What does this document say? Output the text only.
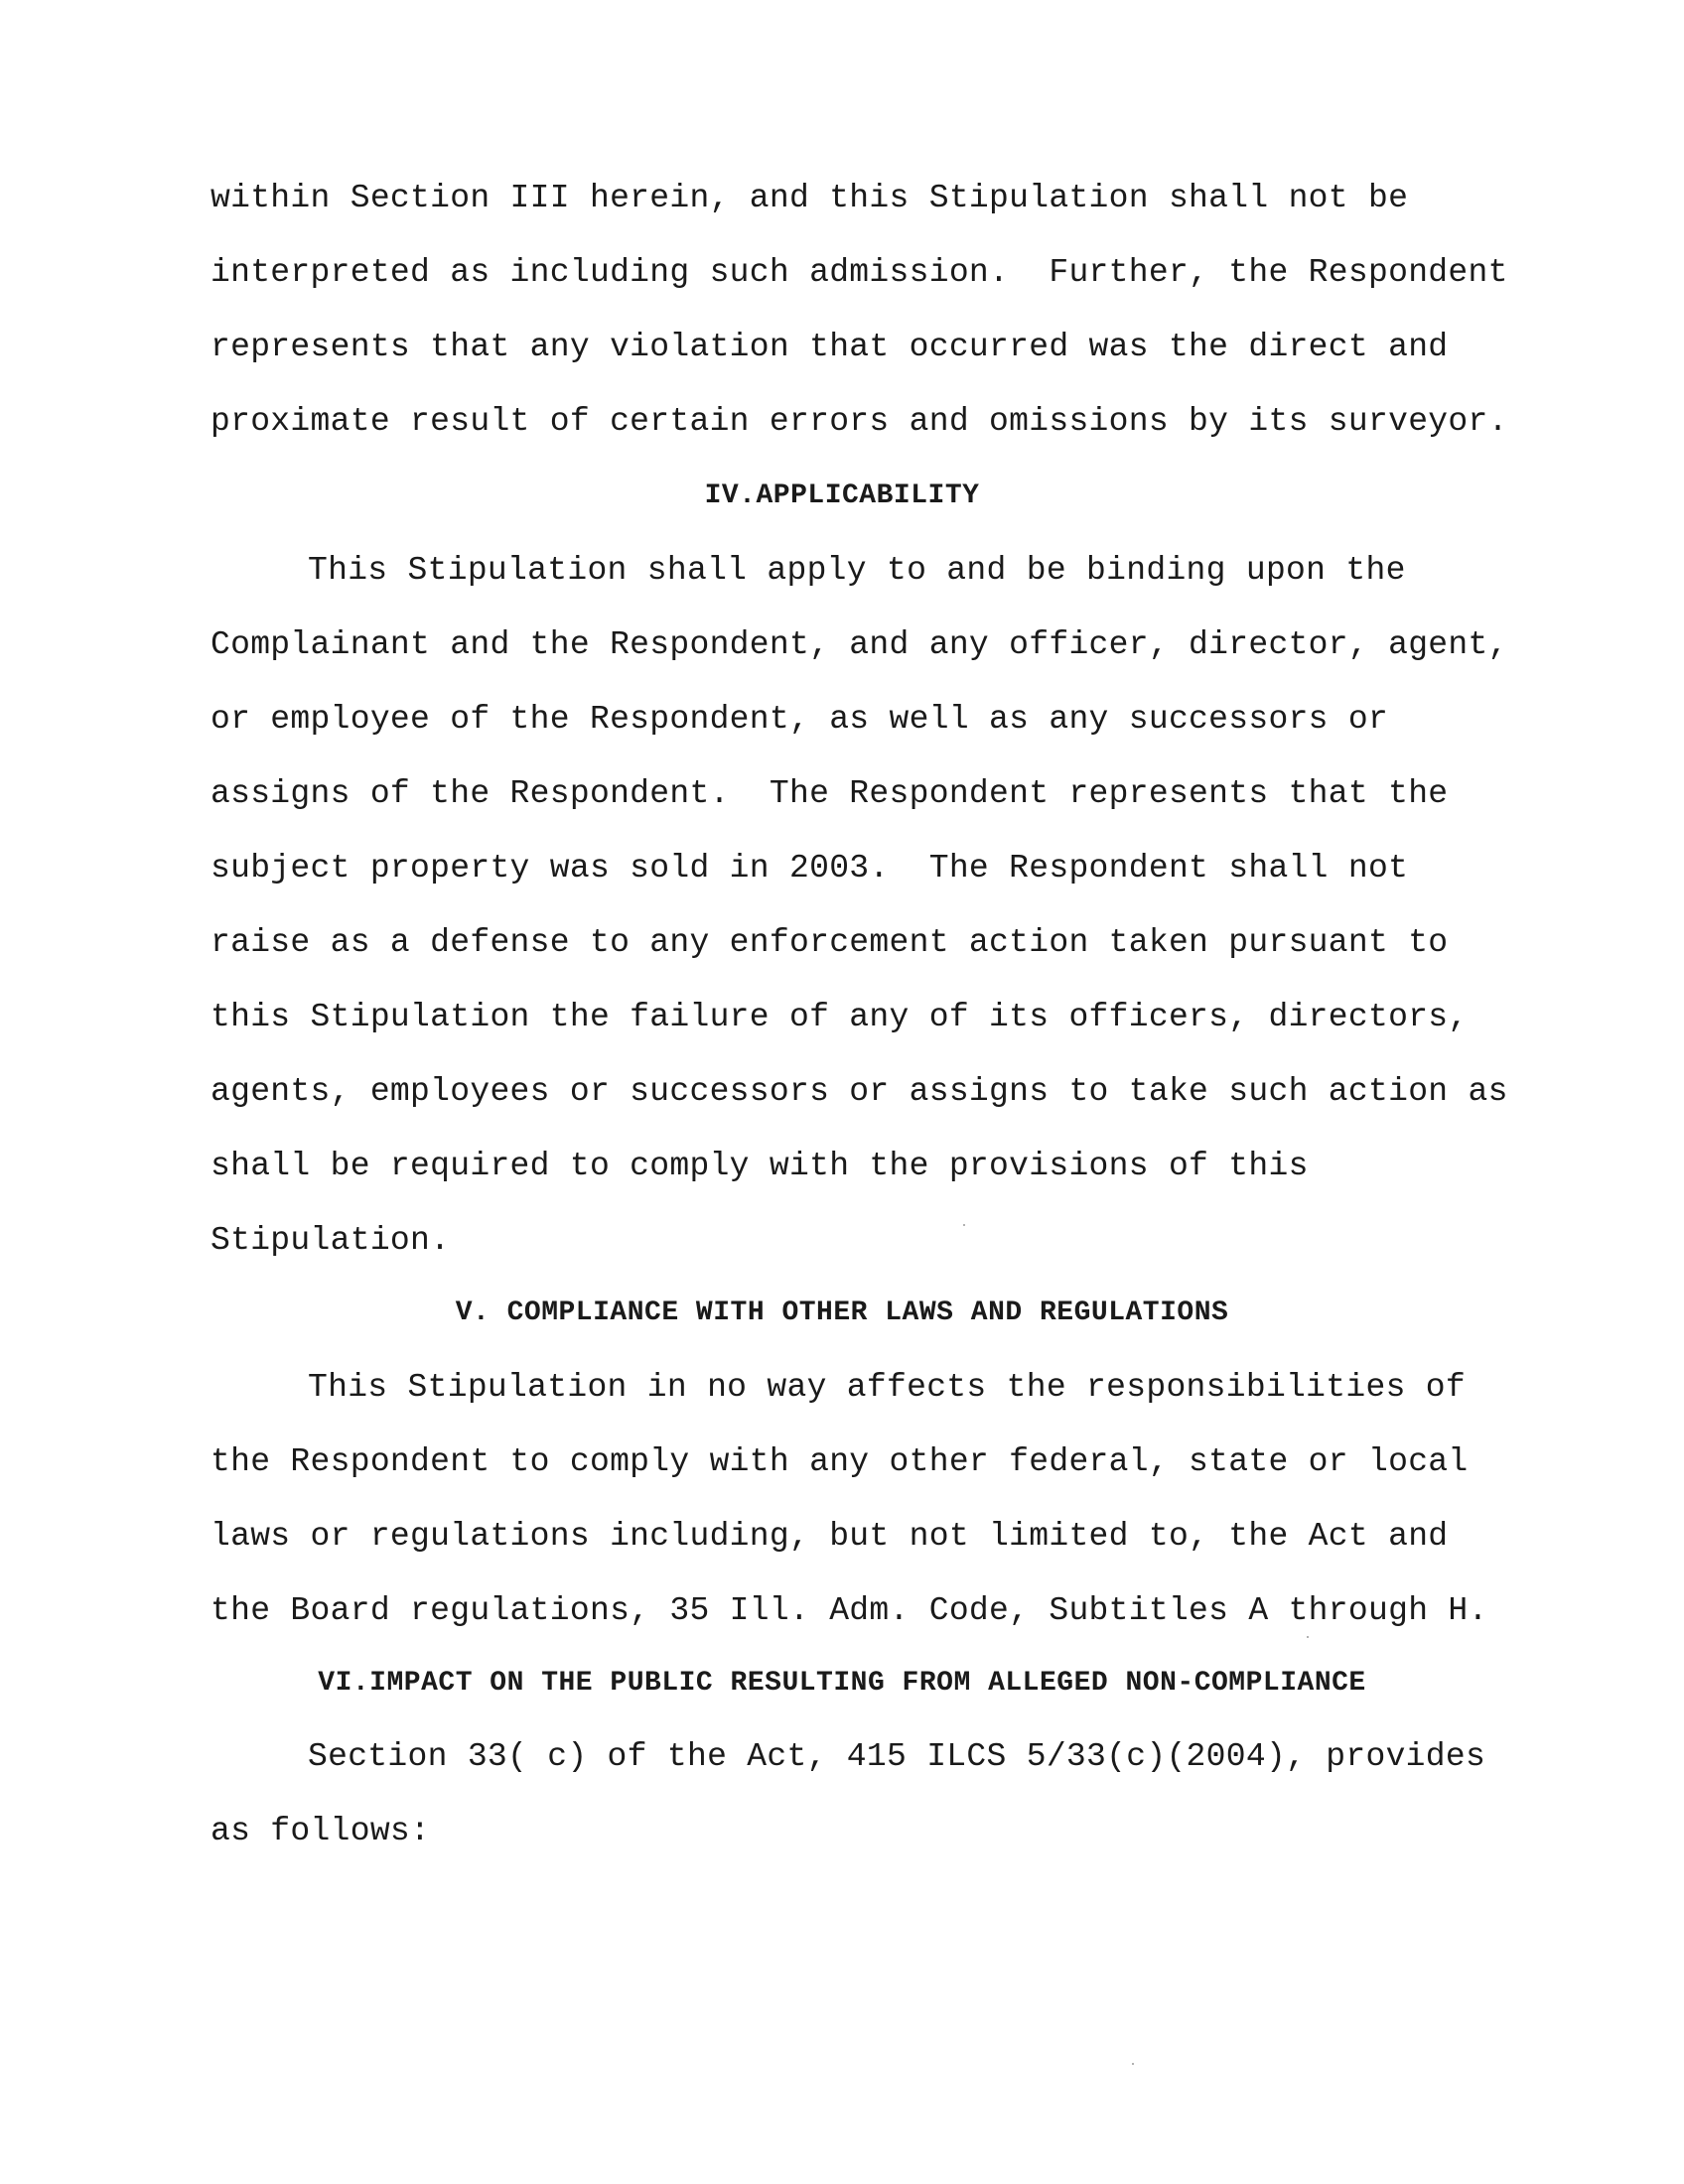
within Section III herein, and this Stipulation shall not be
interpreted as including such admission.  Further, the Respondent
represents that any violation that occurred was the direct and
proximate result of certain errors and omissions by its surveyor.
IV.APPLICABILITY
This Stipulation shall apply to and be binding upon the
Complainant and the Respondent, and any officer, director, agent,
or employee of the Respondent, as well as any successors or
assigns of the Respondent.  The Respondent represents that the
subject property was sold in 2003.  The Respondent shall not
raise as a defense to any enforcement action taken pursuant to
this Stipulation the failure of any of its officers, directors,
agents, employees or successors or assigns to take such action as
shall be required to comply with the provisions of this
Stipulation.
V. COMPLIANCE WITH OTHER LAWS AND REGULATIONS
This Stipulation in no way affects the responsibilities of
the Respondent to comply with any other federal, state or local
laws or regulations including, but not limited to, the Act and
the Board regulations, 35 Ill. Adm. Code, Subtitles A through H.
VI.IMPACT ON THE PUBLIC RESULTING FROM ALLEGED NON-COMPLIANCE
Section 33( c) of the Act, 415 ILCS 5/33(c)(2004), provides
as follows:
